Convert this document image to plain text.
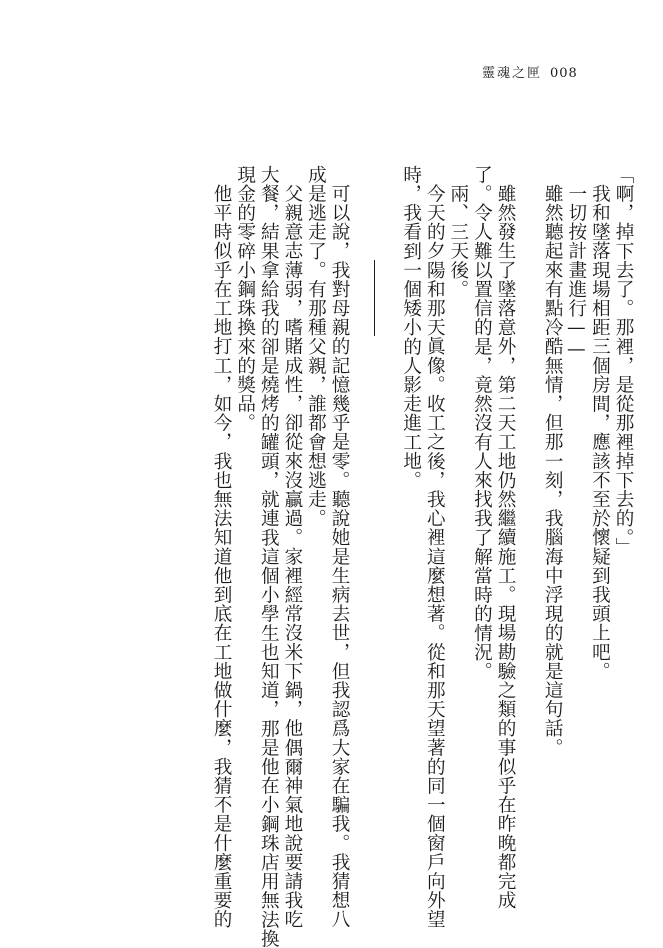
靈魂之匣 008

「啊，掉下去了。那裡，是從那裡掉下去的。」

我和墜落現場相距三個房間，應該不至於懷疑到我頭上吧。

一切按計畫進行——

雖然聽起來有點冷酷無情，但那一刻，我腦海中浮現的就是這句話。

雖然發生了墜落意外，第二天工地仍然繼續施工。現場勘驗之類的事似乎在昨晚都完成

了。令人難以置信的是，竟然沒有人來找我了解當時的情況。

兩、三天後。

今天的夕陽和那天眞像。收工之後，我心裡這麼想著。從和那天望著的同一個窗戶向外望

時，我看到一個矮小的人影走進工地。

可以說，我對母親的記憶幾乎是零。聽說她是生病去世，但我認爲大家在騙我。我猜想八

成是逃走了。有那種父親，誰都會想逃走。

父親意志薄弱，嗜賭成性，卻從來沒贏過。家裡經常沒米下鍋，他偶爾神氣地說要請我吃

大餐，結果拿給我的卻是燒烤的罐頭，就連我這個小學生也知道，那是他在小鋼珠店用無法換

現金的零碎小鋼珠換來的獎品。

他平時似乎在工地打工，如今，我也無法知道他到底在工地做什麼，我猜不是什麼重要的
